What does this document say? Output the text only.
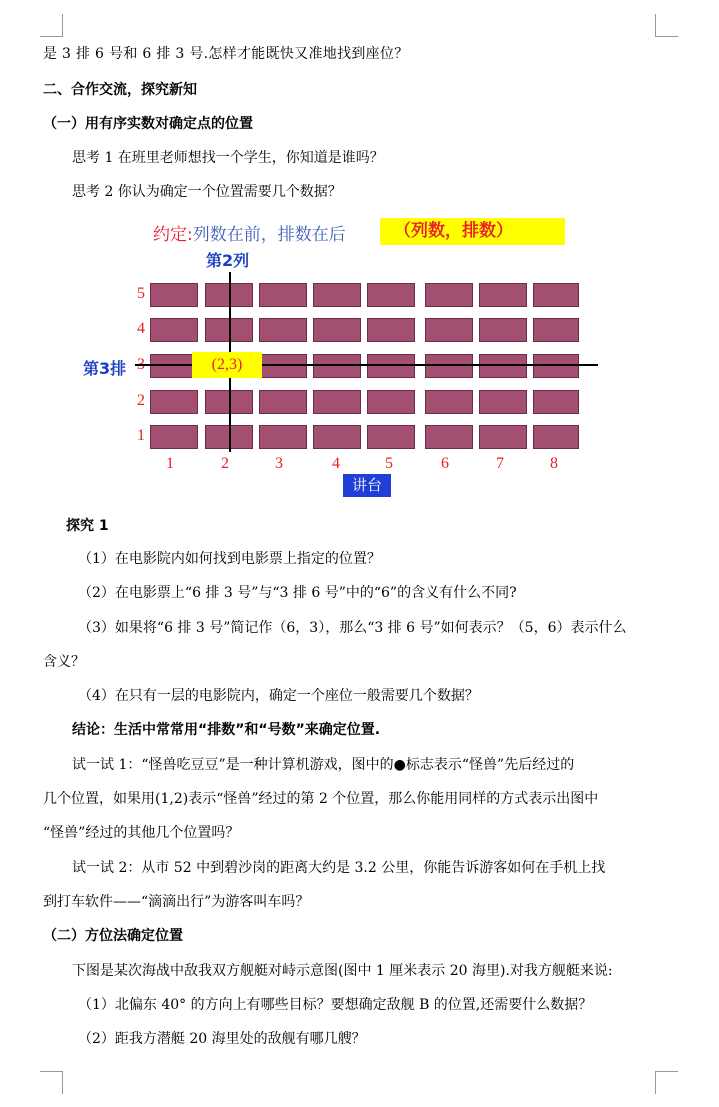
是 3 排 6 号和 6 排 3 号.怎样才能既快又准地找到座位？
二、合作交流，探究新知
（一）用有序实数对确定点的位置
思考 1 在班里老师想找一个学生，你知道是谁吗？
思考 2 你认为确定一个位置需要几个数据？
约定:列数在前，排数在后	（列数，排数）
第2列
第3排
5
4
2
1
1	2	3	4	5	6	7	8
(2,3)
讲台
探究 1
（1）在电影院内如何找到电影票上指定的位置？
（2）在电影票上“6 排 3 号”与“3 排 6 号”中的“6”的含义有什么不同?
（3）如果将“6 排 3 号”简记作（6，3），那么“3 排 6 号”如何表示？（5，6）表示什么
含义？
（4）在只有一层的电影院内，确定一个座位一般需要几个数据？
结论：生活中常常用“排数”和“号数”来确定位置.
试一试 1：“怪兽吃豆豆”是一种计算机游戏，图中的●标志表示“怪兽”先后经过的
几个位置，如果用(1,2)表示“怪兽”经过的第 2 个位置，那么你能用同样的方式表示出图中
“怪兽”经过的其他几个位置吗？
试一试 2：从市 52 中到碧沙岗的距离大约是 3.2 公里，你能告诉游客如何在手机上找
到打车软件——“滴滴出行”为游客叫车吗？
（二）方位法确定位置
下图是某次海战中敌我双方舰艇对峙示意图(图中 1 厘米表示 20 海里).对我方舰艇来说:
（1）北偏东 40° 的方向上有哪些目标？要想确定敌舰 B 的位置,还需要什么数据？
（2）距我方潜艇 20 海里处的敌舰有哪几艘？
